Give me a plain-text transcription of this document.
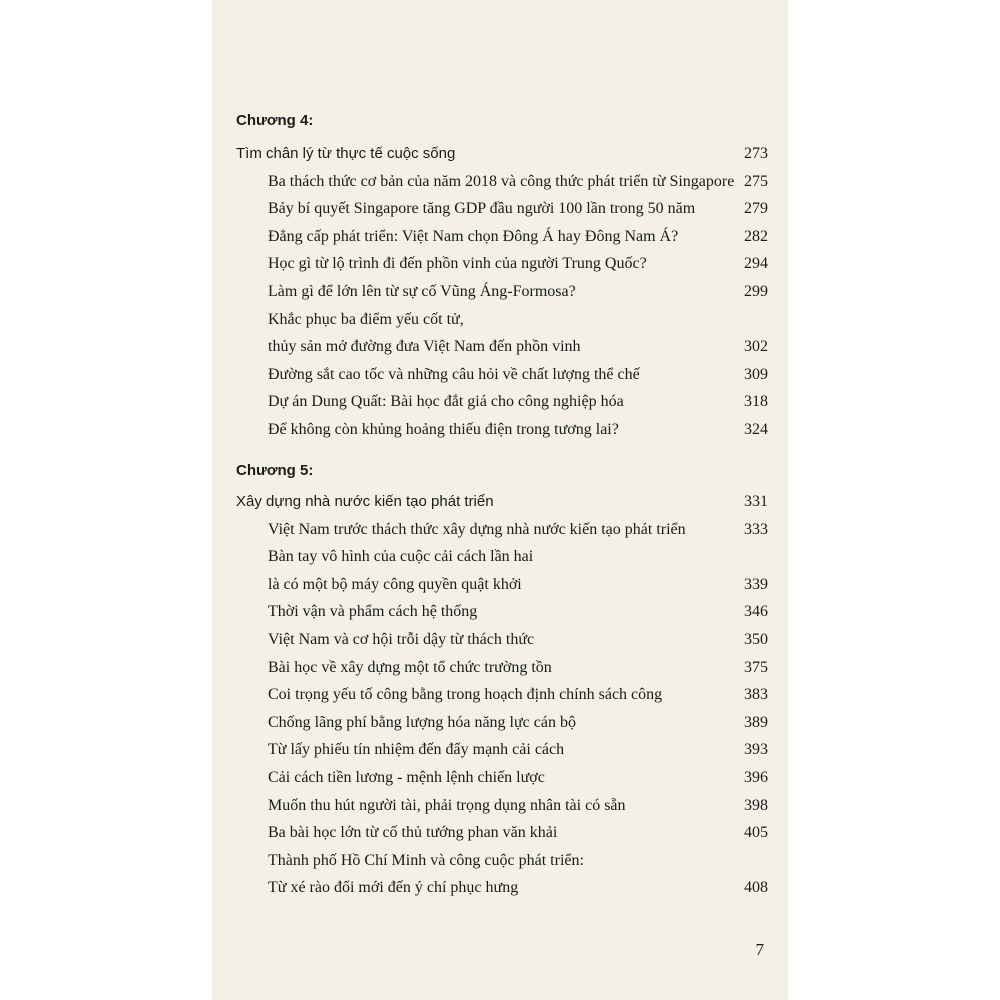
Chương 4:
Tìm chân lý từ thực tế cuộc sống	273
Ba thách thức cơ bản của năm 2018 và công thức phát triển từ Singapore 275
Bảy bí quyết Singapore tăng GDP đầu người 100 lần trong 50 năm	279
Đẳng cấp phát triển: Việt Nam chọn Đông Á hay Đông Nam Á?	282
Học gì từ lộ trình đi đến phồn vinh của người Trung Quốc?	294
Làm gì để lớn lên từ sự cố Vũng Áng-Formosa?	299
Khắc phục ba điểm yếu cốt tử,
thủy sản mở đường đưa Việt Nam đến phồn vinh	302
Đường sắt cao tốc và những câu hỏi về chất lượng thể chế	309
Dự án Dung Quất: Bài học đắt giá cho công nghiệp hóa	318
Để không còn khủng hoảng thiếu điện trong tương lai?	324
Chương 5:
Xây dựng nhà nước kiến tạo phát triển	331
Việt Nam trước thách thức xây dựng nhà nước kiến tạo phát triển	333
Bàn tay vô hình của cuộc cải cách lần hai
là có một bộ máy công quyền quật khởi	339
Thời vận và phẩm cách hệ thống	346
Việt Nam và cơ hội trỗi dậy từ thách thức	350
Bài học về xây dựng một tổ chức trường tồn	375
Coi trọng yếu tố công bằng trong hoạch định chính sách công	383
Chống lãng phí bằng lượng hóa năng lực cán bộ	389
Từ lấy phiếu tín nhiệm đến đẩy mạnh cải cách	393
Cải cách tiền lương - mệnh lệnh chiến lược	396
Muốn thu hút người tài, phải trọng dụng nhân tài có sẵn	398
Ba bài học lớn từ cố thủ tướng phan văn khải	405
Thành phố Hồ Chí Minh và công cuộc phát triển:
Từ xé rào đổi mới đến ý chí phục hưng	408
7
